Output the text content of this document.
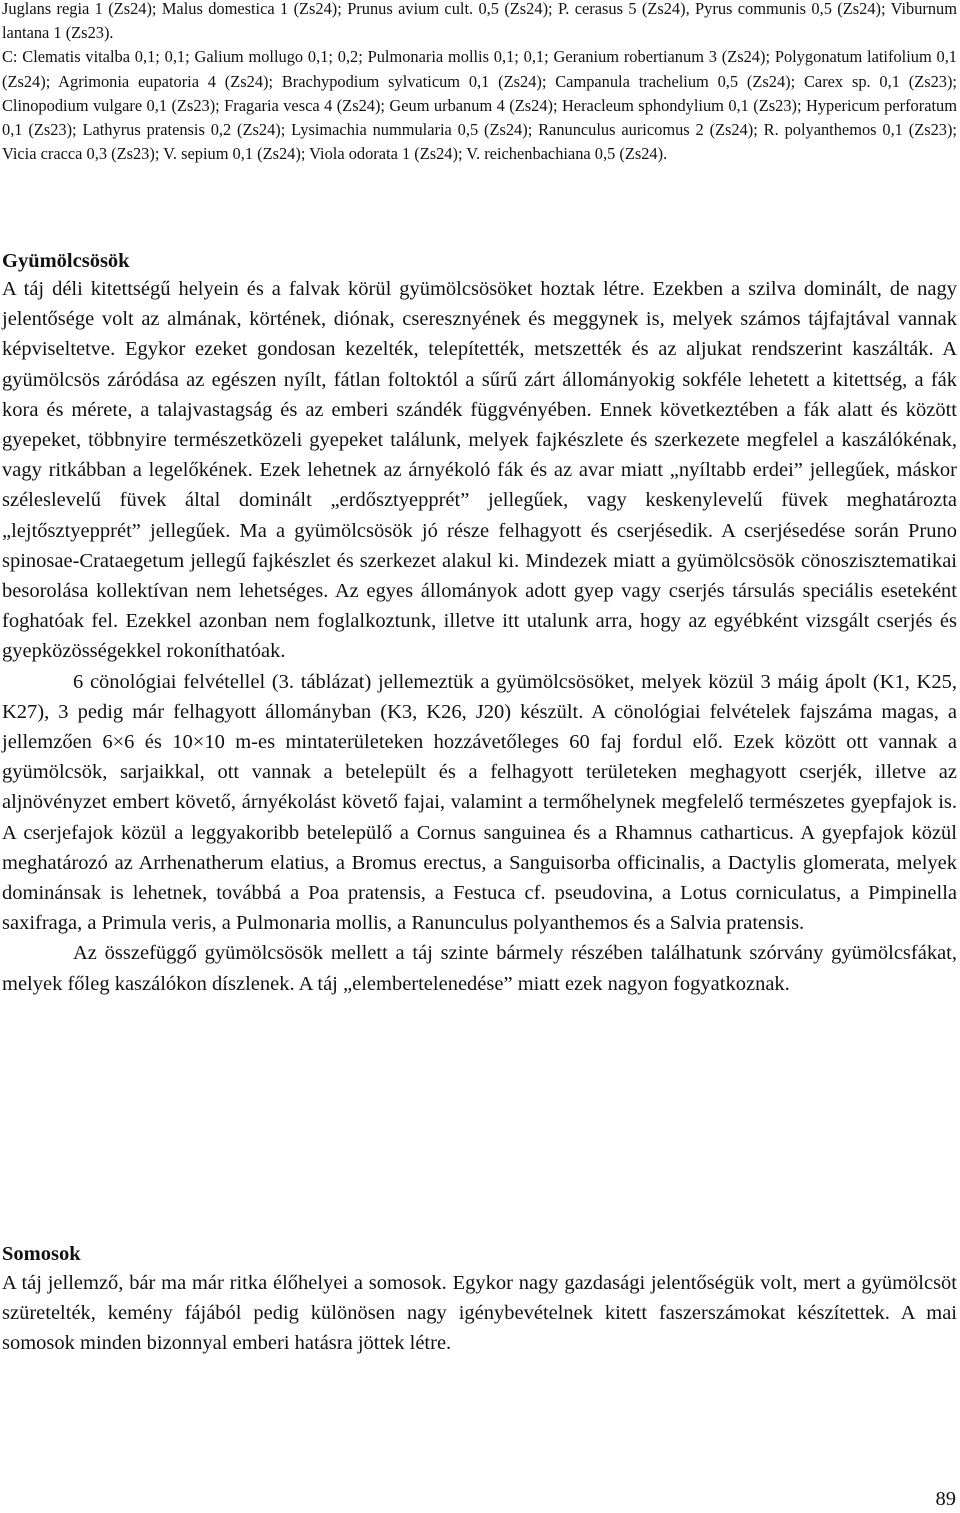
Juglans regia 1 (Zs24); Malus domestica 1 (Zs24); Prunus avium cult. 0,5 (Zs24); P. cerasus 5 (Zs24), Pyrus communis 0,5 (Zs24); Viburnum lantana 1 (Zs23).

C: Clematis vitalba 0,1; 0,1; Galium mollugo 0,1; 0,2; Pulmonaria mollis 0,1; 0,1; Geranium robertianum 3 (Zs24); Polygonatum latifolium 0,1 (Zs24); Agrimonia eupatoria 4 (Zs24); Brachypodium sylvaticum 0,1 (Zs24); Campanula trachelium 0,5 (Zs24); Carex sp. 0,1 (Zs23); Clinopodium vulgare 0,1 (Zs23); Fragaria vesca 4 (Zs24); Geum urbanum 4 (Zs24); Heracleum sphondylium 0,1 (Zs23); Hypericum perforatum 0,1 (Zs23); Lathyrus pratensis 0,2 (Zs24); Lysimachia nummularia 0,5 (Zs24); Ranunculus auricomus 2 (Zs24); R. polyanthemos 0,1 (Zs23); Vicia cracca 0,3 (Zs23); V. sepium 0,1 (Zs24); Viola odorata 1 (Zs24); V. reichenbachiana 0,5 (Zs24).

Gyümölcsösök

A táj déli kitettségű helyein és a falvak körül gyümölcsösöket hoztak létre. Ezekben a szilva dominált, de nagy jelentősége volt az almának, körtének, diónak, cseresznyének és meggynek is, melyek számos tájfajtával vannak képviseltetve. Egykor ezeket gondosan kezelték, telepítették, metszették és az aljukat rendszerint kaszálták. A gyümölcsös záródása az egészen nyílt, fátlan foltoktól a sűrű zárt állományokig sokféle lehetett a kitettség, a fák kora és mérete, a talajvastagság és az emberi szándék függvényében. Ennek következtében a fák alatt és között gyepeket, többnyire természetközeli gyepeket találunk, melyek fajkészlete és szerkezete megfelel a kaszálókénak, vagy ritkábban a legelőkének. Ezek lehetnek az árnyékoló fák és az avar miatt „nyíltabb erdei” jellegűek, máskor széleslevelű füvek által dominált „erdősztyepprét” jellegűek, vagy keskenylevelű füvek meghatározta „lejtősztyepprét” jellegűek. Ma a gyümölcsösök jó része felhagyott és cserjésedik. A cserjésedése során Pruno spinosae-Crataegetum jellegű fajkészlet és szerkezet alakul ki. Mindezek miatt a gyümölcsösök cönoszisztematikai besorolása kollektívan nem lehetséges. Az egyes állományok adott gyep vagy cserjés társulás speciális eseteként foghatóak fel. Ezekkel azonban nem foglalkoztunk, illetve itt utalunk arra, hogy az egyébként vizsgált cserjés és gyepközösségekkel rokoníthatóak.

6 cönológiai felvétellel (3. táblázat) jellemeztük a gyümölcsösöket, melyek közül 3 máig ápolt (K1, K25, K27), 3 pedig már felhagyott állományban (K3, K26, J20) készült. A cönológiai felvételek fajszáma magas, a jellemzően 6×6 és 10×10 m-es mintaterületeken hozzávetőleges 60 faj fordul elő. Ezek között ott vannak a gyümölcsök, sarjaikkal, ott vannak a betelepült és a felhagyott területeken meghagyott cserjék, illetve az aljnövényzet embert követő, árnyékolást követő fajai, valamint a termőhelynek megfelelő természetes gyepfajok is. A cserjefajok közül a leggyakoribb betelepülő a Cornus sanguinea és a Rhamnus catharticus. A gyepfajok közül meghatározó az Arrhenatherum elatius, a Bromus erectus, a Sanguisorba officinalis, a Dactylis glomerata, melyek dominánsak is lehetnek, továbbá a Poa pratensis, a Festuca cf. pseudovina, a Lotus corniculatus, a Pimpinella saxifraga, a Primula veris, a Pulmonaria mollis, a Ranunculus polyanthemos és a Salvia pratensis.

Az összefüggő gyümölcsösök mellett a táj szinte bármely részében találhatunk szórvány gyümölcsfákat, melyek főleg kaszálókon díszlenek. A táj „elembertelenedése” miatt ezek nagyon fogyatkoznak.

Somosok

A táj jellemző, bár ma már ritka élőhelyei a somosok. Egykor nagy gazdasági jelentőségük volt, mert a gyümölcsöt szüretelték, kemény fájából pedig különösen nagy igénybevételnek kitett faszerszámokat készítettek. A mai somosok minden bizonnyal emberi hatásra jöttek létre.

89
